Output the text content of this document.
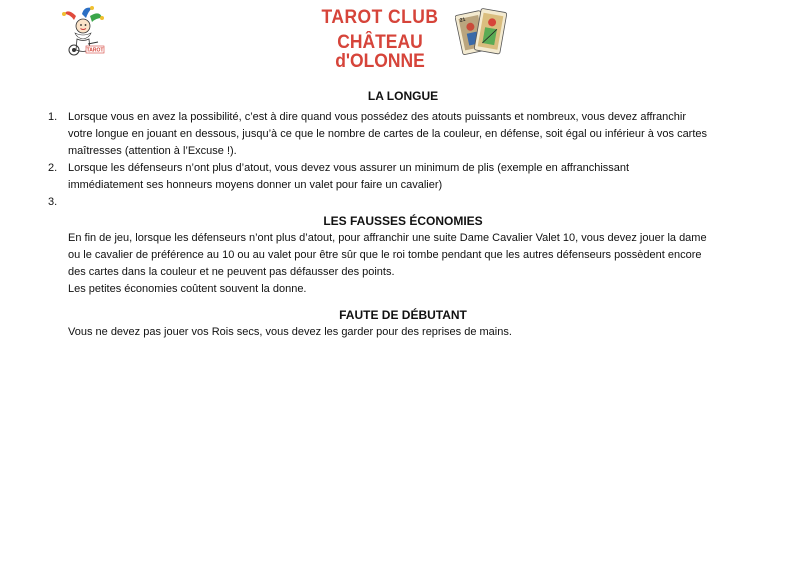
TAROT
TAROT CLUB
CHÂTEAU d'OLONNE
21
LA LONGUE
1. Lorsque vous en avez la possibilité, c’est à dire quand vous possédez des atouts puissants et nombreux, vous devez affranchir
votre longue en jouant en dessous, jusqu’à ce que le nombre de cartes de la couleur, en défense, soit égal ou inférieur à vos cartes
maîtresses (attention à l’Excuse !).
2. Lorsque les défenseurs n’ont plus d’atout, vous devez vous assurer un minimum de plis (exemple en affranchissant
immédiatement ses honneurs moyens donner un valet pour faire un cavalier)
3.
LES FAUSSES ÉCONOMIES
En fin de jeu, lorsque les défenseurs n’ont plus d’atout, pour affranchir une suite Dame Cavalier Valet 10, vous devez jouer la dame
ou le cavalier de préférence au 10 ou au valet pour être sûr que le roi tombe pendant que les autres défenseurs possèdent encore
des cartes dans la couleur et ne peuvent pas défausser des points.
Les petites économies coûtent souvent la donne.
FAUTE DE DÉBUTANT
Vous ne devez pas jouer vos Rois secs, vous devez les garder pour des reprises de mains.
